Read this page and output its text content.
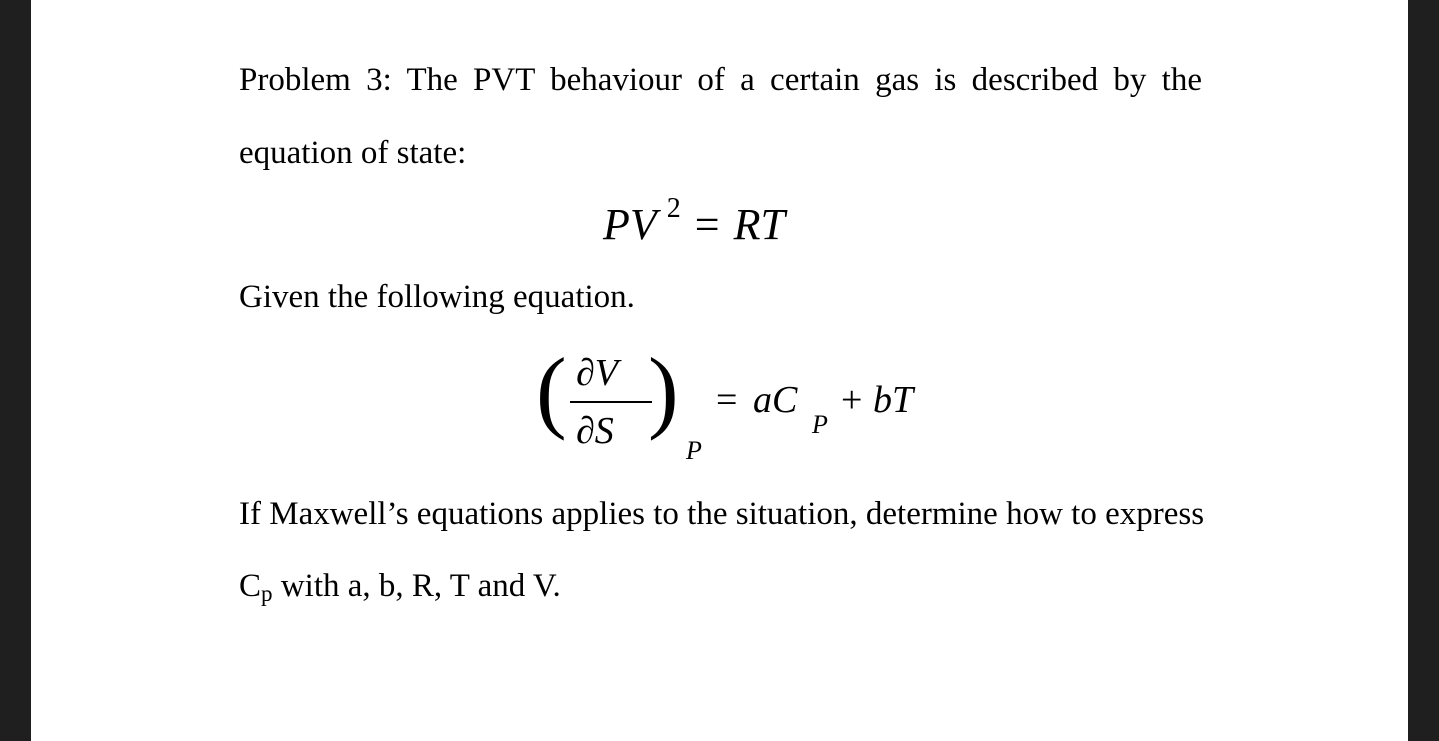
Problem 3: The PVT behaviour of a certain gas is described by the
equation of state:
PV $^2$ = RT
Given the following equation.
( ∂V
∂S )
P
= aC
P
+ bT
If Maxwell’s equations applies to the situation, determine how to express
Cp with a, b, R, T and V.
